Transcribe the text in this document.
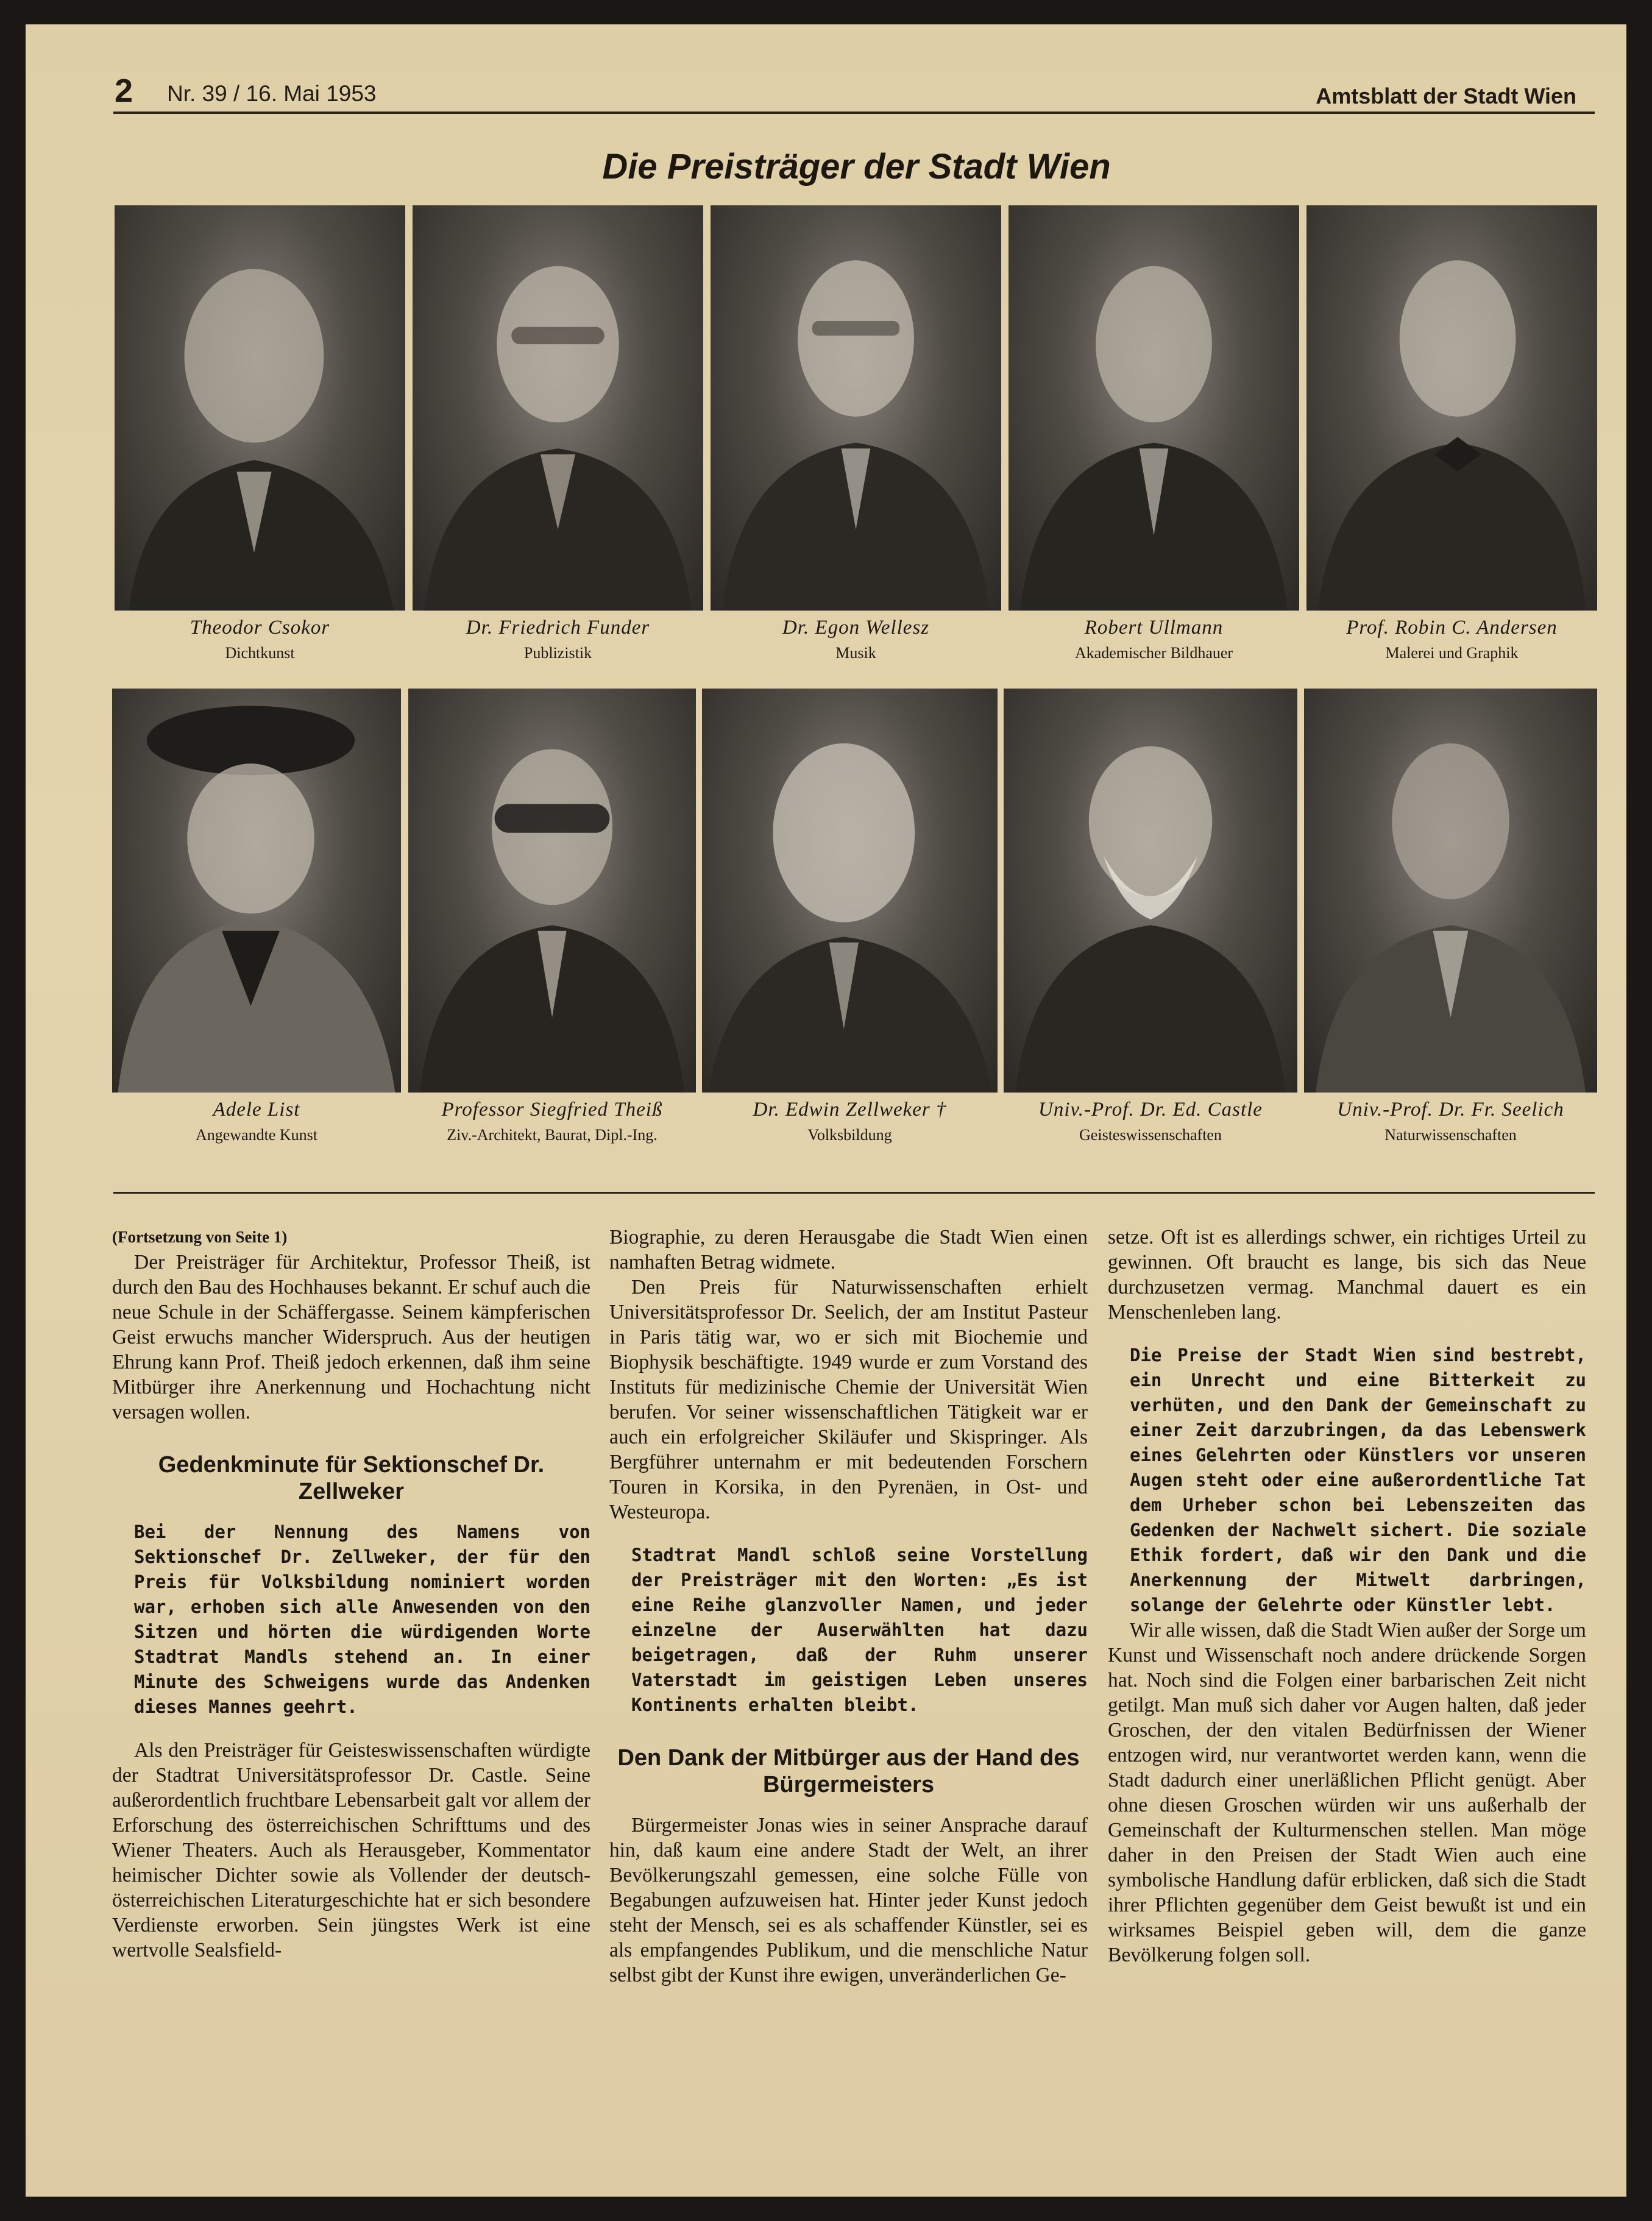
2 Nr. 39 / 16. Mai 1953	Amtsblatt der Stadt Wien
Die Preisträger der Stadt Wien
Theodor Csokor
Dichtkunst
Dr. Friedrich Funder
Publizistik
Dr. Egon Wellesz
Musik
Robert Ullmann
Akademischer Bildhauer
Prof. Robin C. Andersen
Malerei und Graphik
Adele List
Angewandte Kunst
Professor Siegfried Theiß
Ziv.-Architekt, Baurat, Dipl.-Ing.
Dr. Edwin Zellweker †
Volksbildung
Univ.-Prof. Dr. Ed. Castle
Geisteswissenschaften
Univ.-Prof. Dr. Fr. Seelich
Naturwissenschaften

(Fortsetzung von Seite 1)

Der Preisträger für Architektur, Professor Theiß, ist durch den Bau des Hochhauses bekannt. Er schuf auch die neue Schule in der Schäffergasse. Seinem kämpferischen Geist erwuchs mancher Widerspruch. Aus der heutigen Ehrung kann Prof. Theiß jedoch erkennen, daß ihm seine Mitbürger ihre Anerkennung und Hochachtung nicht versagen wollen.

Gedenkminute für Sektionschef Dr. Zellweker

Bei der Nennung des Namens von Sektionschef Dr. Zellweker, der für den Preis für Volksbildung nominiert worden war, erhoben sich alle Anwesenden von den Sitzen und hörten die würdigenden Worte Stadtrat Mandls stehend an. In einer Minute des Schweigens wurde das Andenken dieses Mannes geehrt.

Als den Preisträger für Geisteswissenschaften würdigte der Stadtrat Universitätsprofessor Dr. Castle. Seine außerordentlich fruchtbare Lebensarbeit galt vor allem der Erforschung des österreichischen Schrifttums und des Wiener Theaters. Auch als Herausgeber, Kommentator heimischer Dichter sowie als Vollender der deutsch-österreichischen Literaturgeschichte hat er sich besondere Verdienste erworben. Sein jüngstes Werk ist eine wertvolle Sealsfield-

Biographie, zu deren Herausgabe die Stadt Wien einen namhaften Betrag widmete.

Den Preis für Naturwissenschaften erhielt Universitätsprofessor Dr. Seelich, der am Institut Pasteur in Paris tätig war, wo er sich mit Biochemie und Biophysik beschäftigte. 1949 wurde er zum Vorstand des Instituts für medizinische Chemie der Universität Wien berufen. Vor seiner wissenschaftlichen Tätigkeit war er auch ein erfolgreicher Skiläufer und Skispringer. Als Bergführer unternahm er mit bedeutenden Forschern Touren in Korsika, in den Pyrenäen, in Ost- und Westeuropa.

Stadtrat Mandl schloß seine Vorstellung der Preisträger mit den Worten: „Es ist eine Reihe glanzvoller Namen, und jeder einzelne der Auserwählten hat dazu beigetragen, daß der Ruhm unserer Vaterstadt im geistigen Leben unseres Kontinents erhalten bleibt.

Den Dank der Mitbürger aus der Hand des Bürgermeisters

Bürgermeister Jonas wies in seiner Ansprache darauf hin, daß kaum eine andere Stadt der Welt, an ihrer Bevölkerungszahl gemessen, eine solche Fülle von Begabungen aufzuweisen hat. Hinter jeder Kunst jedoch steht der Mensch, sei es als schaffender Künstler, sei es als empfangendes Publikum, und die menschliche Natur selbst gibt der Kunst ihre ewigen, unveränderlichen Ge-

setze. Oft ist es allerdings schwer, ein richtiges Urteil zu gewinnen. Oft braucht es lange, bis sich das Neue durchzusetzen vermag. Manchmal dauert es ein Menschenleben lang.

Die Preise der Stadt Wien sind bestrebt, ein Unrecht und eine Bitterkeit zu verhüten, und den Dank der Gemeinschaft zu einer Zeit darzubringen, da das Lebenswerk eines Gelehrten oder Künstlers vor unseren Augen steht oder eine außerordentliche Tat dem Urheber schon bei Lebenszeiten das Gedenken der Nachwelt sichert. Die soziale Ethik fordert, daß wir den Dank und die Anerkennung der Mitwelt darbringen, solange der Gelehrte oder Künstler lebt.

Wir alle wissen, daß die Stadt Wien außer der Sorge um Kunst und Wissenschaft noch andere drückende Sorgen hat. Noch sind die Folgen einer barbarischen Zeit nicht getilgt. Man muß sich daher vor Augen halten, daß jeder Groschen, der den vitalen Bedürfnissen der Wiener entzogen wird, nur verantwortet werden kann, wenn die Stadt dadurch einer unerläßlichen Pflicht genügt. Aber ohne diesen Groschen würden wir uns außerhalb der Gemeinschaft der Kulturmenschen stellen. Man möge daher in den Preisen der Stadt Wien auch eine symbolische Handlung dafür erblicken, daß sich die Stadt ihrer Pflichten gegenüber dem Geist bewußt ist und ein wirksames Beispiel geben will, dem die ganze Bevölkerung folgen soll.
